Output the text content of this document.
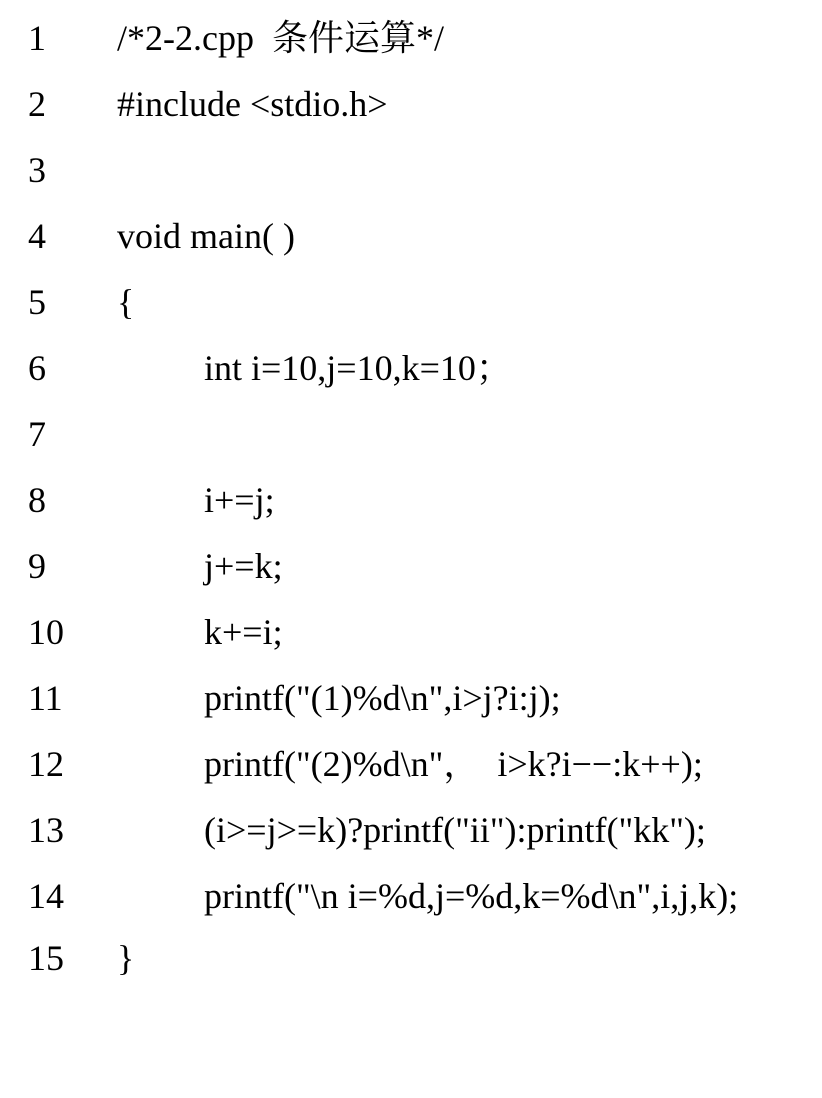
1

/*2-2.cpp  条件运算*/

2

#include <stdio.h>

3

4

void main( )

5

{

6

	int i=10,j=10,k=10；

7

8

	i+=j;

9

	j+=k;

10

	k+=i;

11

	printf("(1)%d\n",i>j?i:j);

12

	printf("(2)%d\n"，  i>k?i−−:k++);

13

	(i>=j>=k)?printf("ii"):printf("kk");

14

	printf("\n i=%d,j=%d,k=%d\n",i,j,k);

15

}
